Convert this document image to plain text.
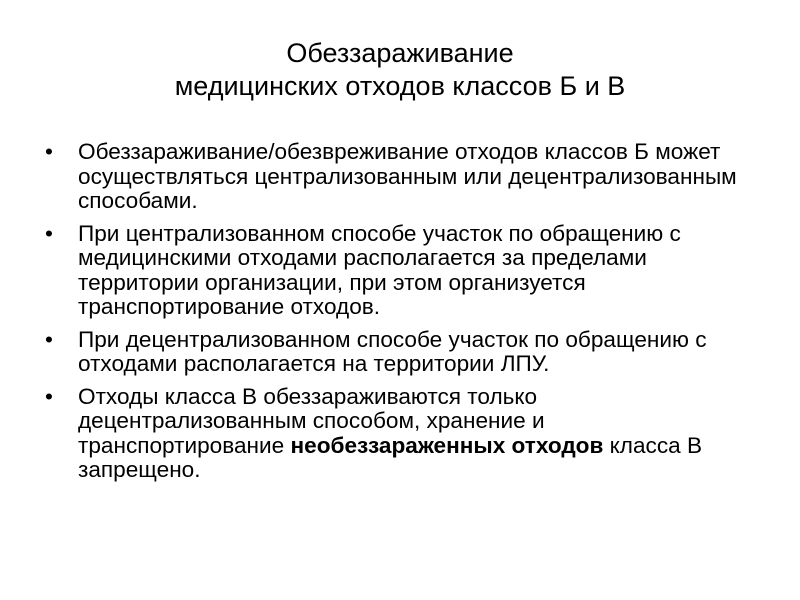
Обеззараживание
медицинских отходов классов Б и В
•	Обеззараживание/обезвреживание отходов классов Б может осуществляться централизованным или децентрализованным способами.
•	При централизованном способе участок по обращению с медицинскими отходами располагается за пределами территории организации, при этом организуется транспортирование отходов.
•	При децентрализованном способе участок по обращению с отходами располагается на территории ЛПУ.
•	Отходы класса В обеззараживаются только децентрализованным способом, хранение и транспортирование необеззараженных отходов класса В запрещено.
